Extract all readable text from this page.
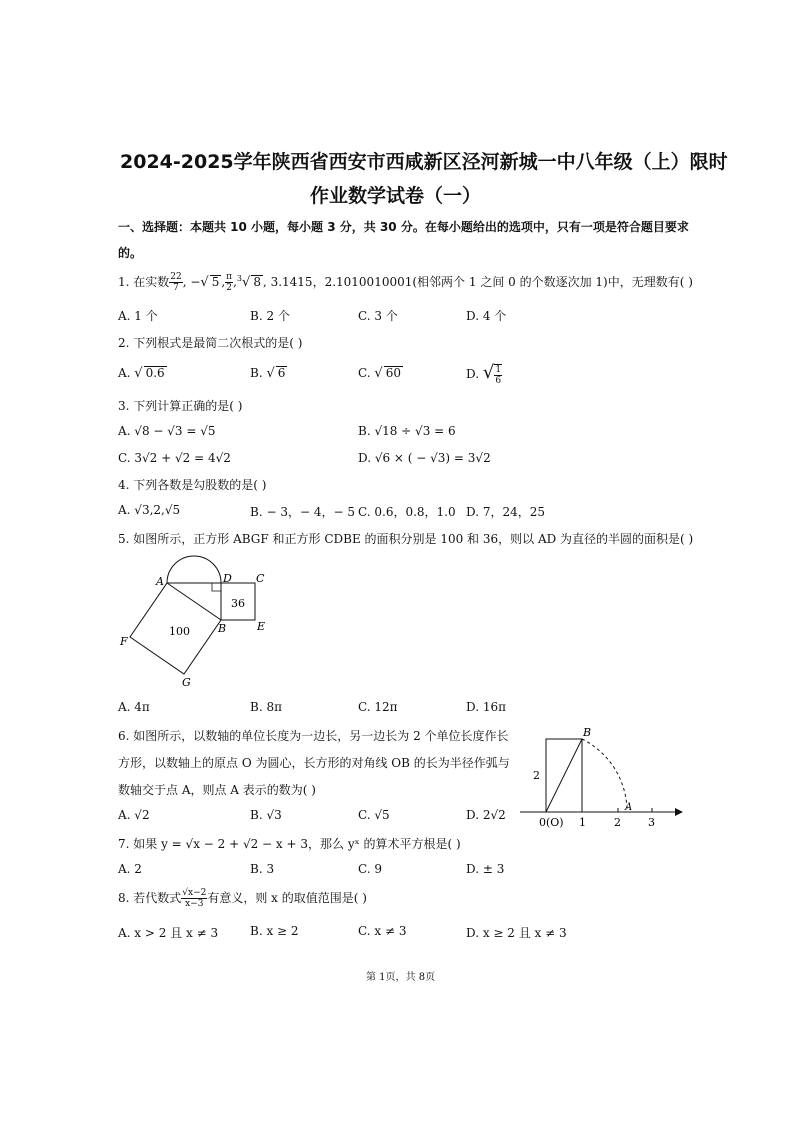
2024-2025学年陕西省西安市西咸新区泾河新城一中八年级（上）限时
作业数学试卷（一）
一、选择题：本题共 10 小题，每小题 3 分，共 30 分。在每小题给出的选项中，只有一项是符合题目要求
的。
1. 在实数 $\frac{22}{7}$ , −√ 5 , $\frac{\pi}{2} ,^3√$ 8 , 3.1415，2.1010010001(相邻两个 1 之间 0 的个数逐次加 1)中，无理数有( )
A. 1 个	B. 2 个	C. 3 个	D. 4 个
2. 下列根式是最简二次根式的是( )
A. √ 0.6	B. √ 6	C. √ 60	D. √ $\frac{1}{6}$
3. 下列计算正确的是( )
A. √8 − √3 = √5	B. √18 ÷ √3 = 6
C. 3√2 + √2 = 4√2	D. √6 × ( − √3) = 3√2
4. 下列各数是勾股数的是( )
A. √3,2,√5	B. − 3，− 4，− 5 C. 0.6，0.8，1.0 D. 7，24，25
5. 如图所示，正方形 ABGF 和正方形 CDBE 的面积分别是 100 和 36，则以 AD 为直径的半圆的面积是( )
A	D C
B	E
F
G
100
36
A. 4π	B. 8π	C. 12π	D. 16π
6. 如图所示，以数轴的单位长度为一边长，另一边长为 2 个单位长度作长
方形，以数轴上的原点 O 为圆心，长方形的对角线 OB 的长为半径作弧与
数轴交于点 A，则点 A 表示的数为( )
B
A
2
0(O) 1	2 3
A. √2	B. √3	C. √5	D. 2√2
7. 如果 y = √x − 2 + √2 − x + 3，那么 yˣ 的算术平方根是( )
A. 2	B. 3	C. 9	D. ± 3
8. 若代数式 $\frac{√x-2}{x-3}$ 有意义，则 x 的取值范围是( )
A. x > 2 且 x ≠ 3	B. x ≥ 2	C. x ≠ 3	D. x ≥ 2 且 x ≠ 3
第 1页，共 8页
